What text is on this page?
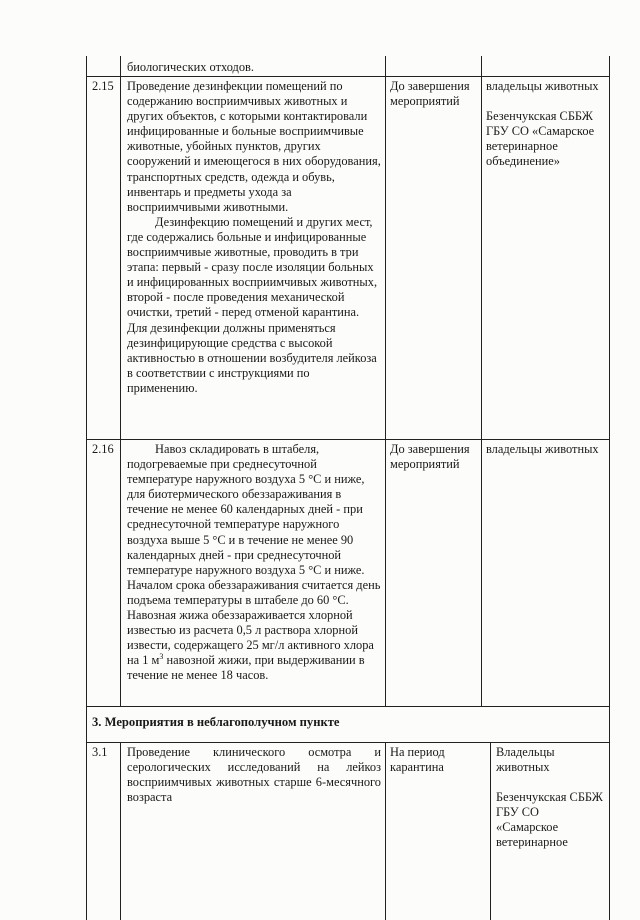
биологических отходов.
2.15 Проведение дезинфекции помещений по содержанию восприимчивых животных и других объектов, с которыми контактировали инфицированные и больные восприимчивые животные, убойных пунктов, других сооружений и имеющегося в них оборудования, транспортных средств, одежда и обувь, инвентарь и предметы ухода за восприимчивыми животными.

Дезинфекцию помещений и других мест, где содержались больные и инфицированные восприимчивые животные, проводить в три этапа: первый - сразу после изоляции больных и инфицированных восприимчивых животных, второй - после проведения механической очистки, третий - перед отменой карантина.

Для дезинфекции должны применяться дезинфицирующие средства с высокой активностью в отношении возбудителя лейкоза в соответствии с инструкциями по применению.

До завершения мероприятий

владельцы животных

Безенчукская СББЖ ГБУ СО «Самарское ветеринарное объединение»

2.16	Навоз складировать в штабеля, подогреваемые при среднесуточной температуре наружного воздуха 5 °С и ниже, для биотермического обеззараживания в течение не менее 60 календарных дней - при среднесуточной температуре наружного воздуха выше 5 °С и в течение не менее 90 календарных дней - при среднесуточной температуре наружного воздуха 5 °С и ниже. Началом срока обеззараживания считается день подъема температуры в штабеле до 60 °С. Навозная жижа обеззараживается хлорной известью из расчета 0,5 л раствора хлорной извести, содержащего 25 мг/л активного хлора на 1 $м^3$ навозной жижи, при выдерживании в течение не менее 18 часов.

До завершения мероприятий

владельцы животных

3. Мероприятия в неблагополучном пункте
3.1 Проведение клинического осмотра и серологических исследований на лейкоз восприимчивых животных старше 6-месячного возраста
На период карантина

Владельцы животных

Безенчукская СББЖ ГБУ СО «Самарское ветеринарное
